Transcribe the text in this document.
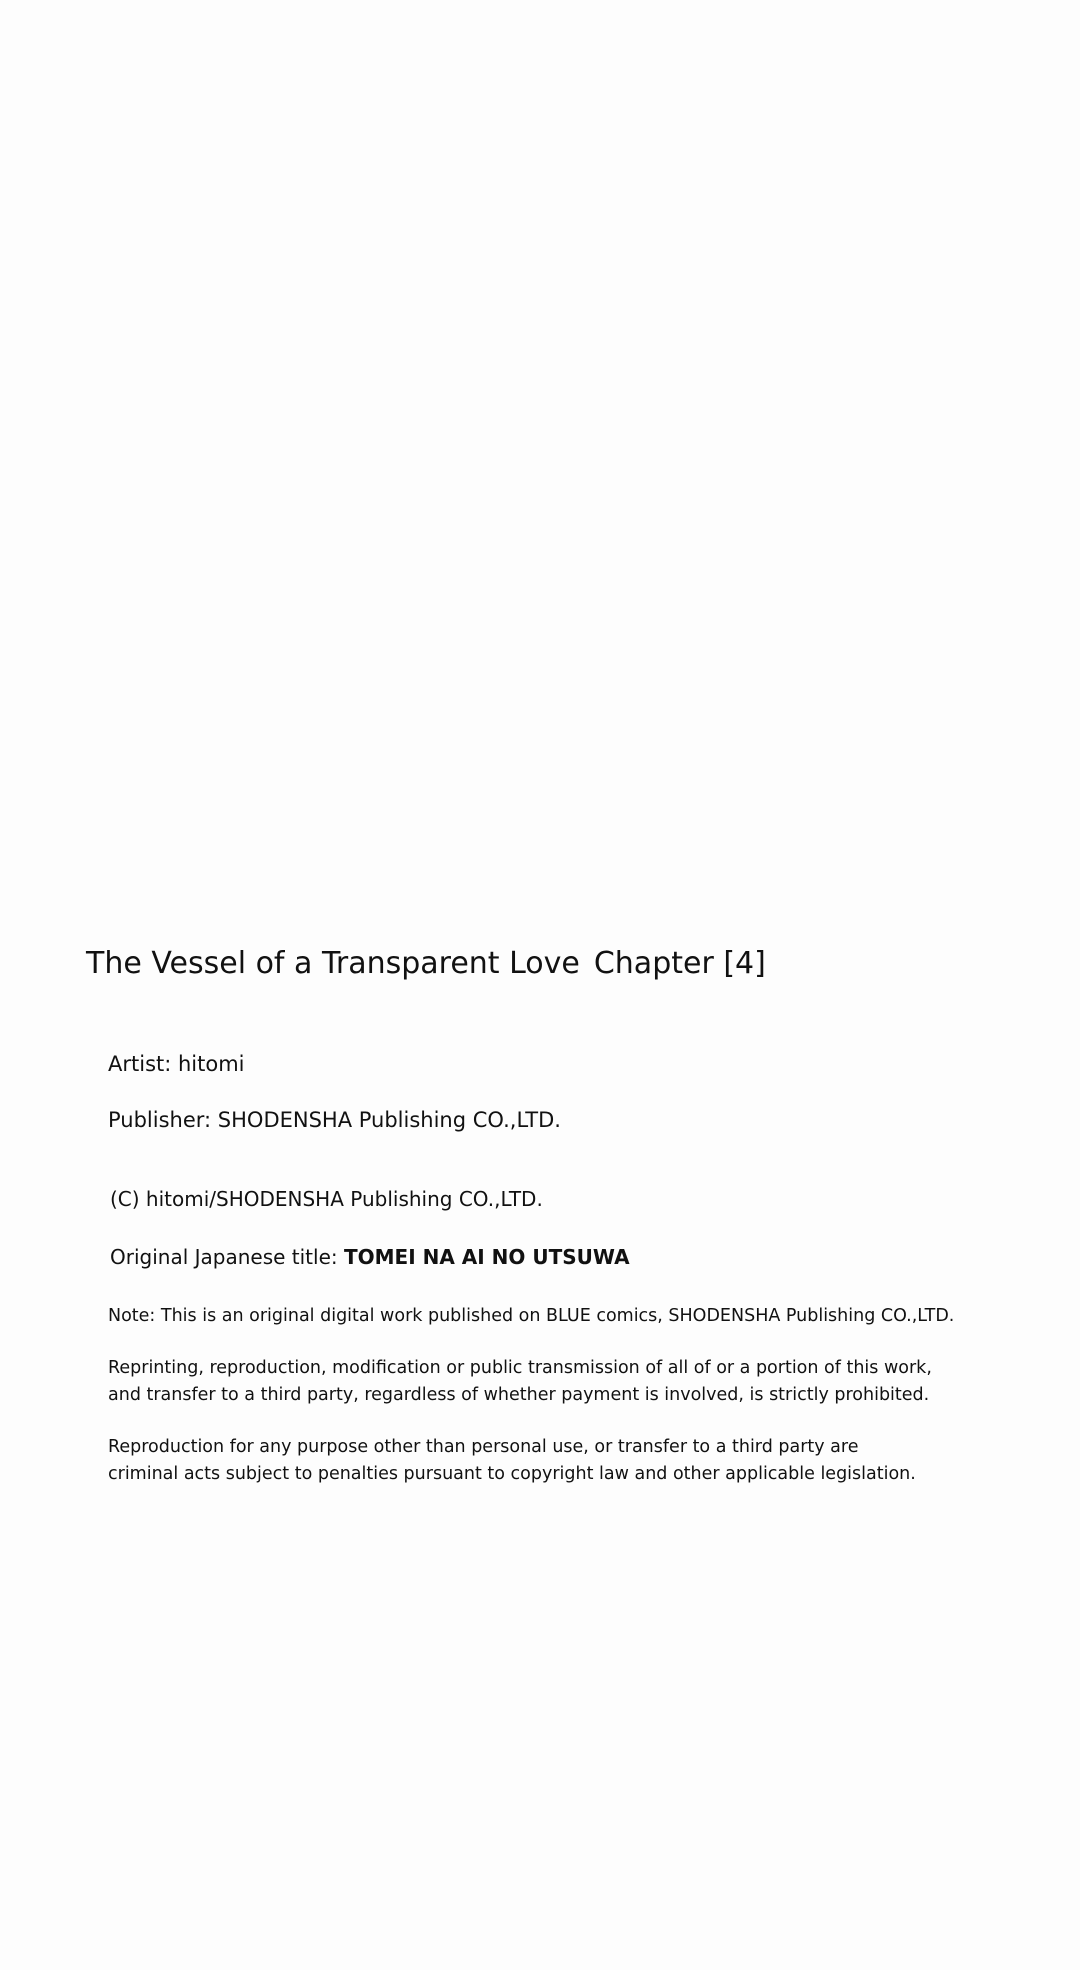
The Vessel of a Transparent Love Chapter [4]
Artist: hitomi
Publisher: SHODENSHA Publishing CO.,LTD.
(C) hitomi/SHODENSHA Publishing CO.,LTD.
Original Japanese title: TOMEI NA AI NO UTSUWA
Note: This is an original digital work published on BLUE comics, SHODENSHA Publishing CO.,LTD.
Reprinting, reproduction, modification or public transmission of all of or a portion of this work,
and transfer to a third party, regardless of whether payment is involved, is strictly prohibited.
Reproduction for any purpose other than personal use, or transfer to a third party are
criminal acts subject to penalties pursuant to copyright law and other applicable legislation.
